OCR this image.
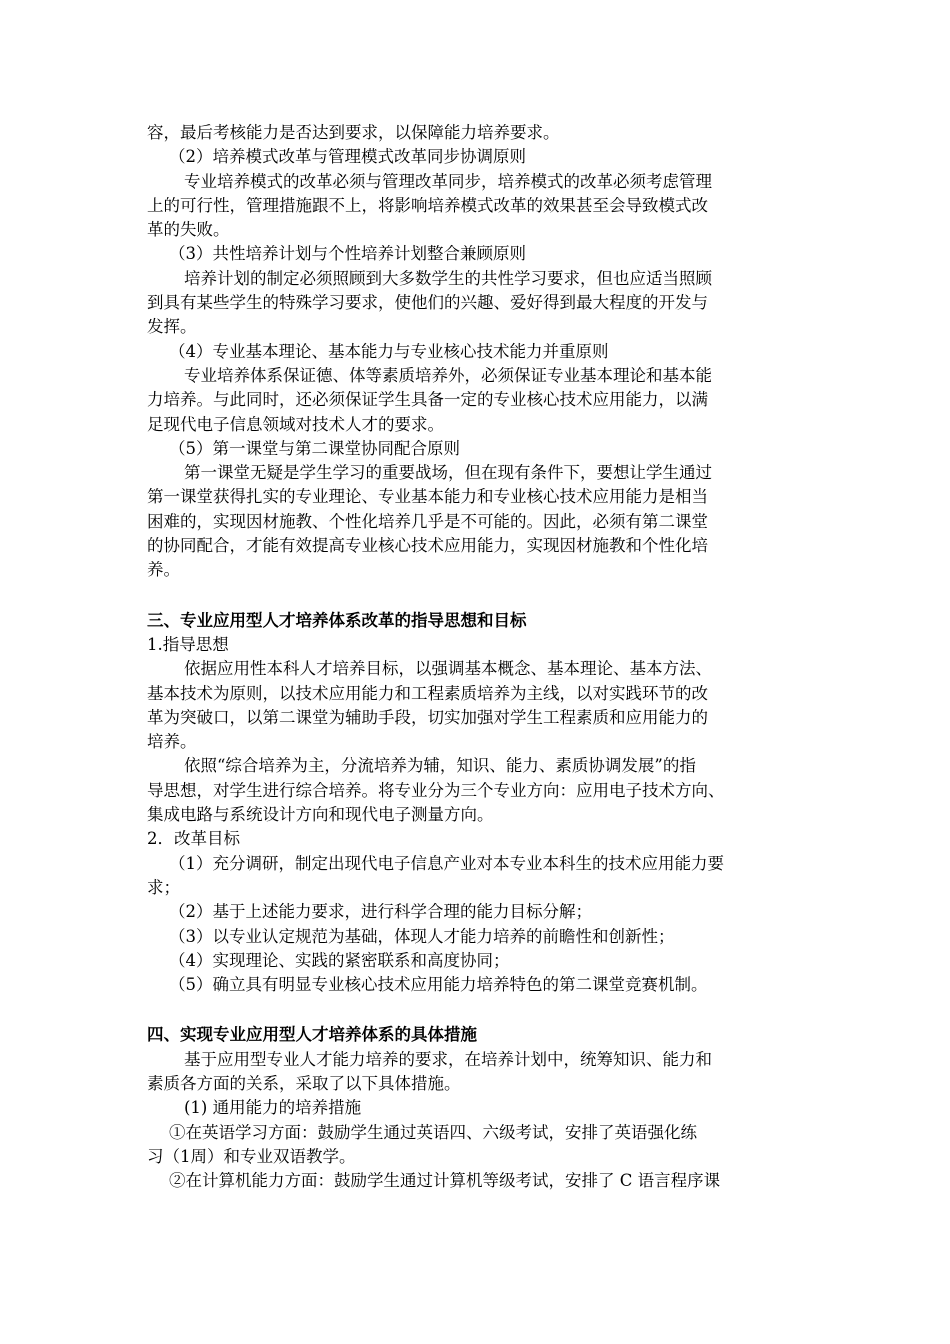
容，最后考核能力是否达到要求，以保障能力培养要求。
（2）培养模式改革与管理模式改革同步协调原则
专业培养模式的改革必须与管理改革同步，培养模式的改革必须考虑管理
上的可行性，管理措施跟不上，将影响培养模式改革的效果甚至会导致模式改
革的失败。
（3）共性培养计划与个性培养计划整合兼顾原则
培养计划的制定必须照顾到大多数学生的共性学习要求，但也应适当照顾
到具有某些学生的特殊学习要求，使他们的兴趣、爱好得到最大程度的开发与
发挥。
（4）专业基本理论、基本能力与专业核心技术能力并重原则
专业培养体系保证德、体等素质培养外，必须保证专业基本理论和基本能
力培养。与此同时，还必须保证学生具备一定的专业核心技术应用能力，以满
足现代电子信息领域对技术人才的要求。
（5）第一课堂与第二课堂协同配合原则
第一课堂无疑是学生学习的重要战场，但在现有条件下，要想让学生通过
第一课堂获得扎实的专业理论、专业基本能力和专业核心技术应用能力是相当
困难的，实现因材施教、个性化培养几乎是不可能的。因此，必须有第二课堂
的协同配合，才能有效提高专业核心技术应用能力，实现因材施教和个性化培
养。
三、专业应用型人才培养体系改革的指导思想和目标
1.指导思想
依据应用性本科人才培养目标，以强调基本概念、基本理论、基本方法、
基本技术为原则，以技术应用能力和工程素质培养为主线，以对实践环节的改
革为突破口，以第二课堂为辅助手段，切实加强对学生工程素质和应用能力的
培养。
依照“综合培养为主，分流培养为辅，知识、能力、素质协调发展”的指
导思想，对学生进行综合培养。将专业分为三个专业方向：应用电子技术方向、
集成电路与系统设计方向和现代电子测量方向。
2．改革目标
（1）充分调研，制定出现代电子信息产业对本专业本科生的技术应用能力要
求；
（2）基于上述能力要求，进行科学合理的能力目标分解；
（3）以专业认定规范为基础，体现人才能力培养的前瞻性和创新性；
（4）实现理论、实践的紧密联系和高度协同；
（5）确立具有明显专业核心技术应用能力培养特色的第二课堂竞赛机制。
四、实现专业应用型人才培养体系的具体措施
基于应用型专业人才能力培养的要求，在培养计划中，统筹知识、能力和
素质各方面的关系，采取了以下具体措施。
(1) 通用能力的培养措施
①在英语学习方面：鼓励学生通过英语四、六级考试，安排了英语强化练
习（1周）和专业双语教学。
②在计算机能力方面：鼓励学生通过计算机等级考试，安排了 C 语言程序课
